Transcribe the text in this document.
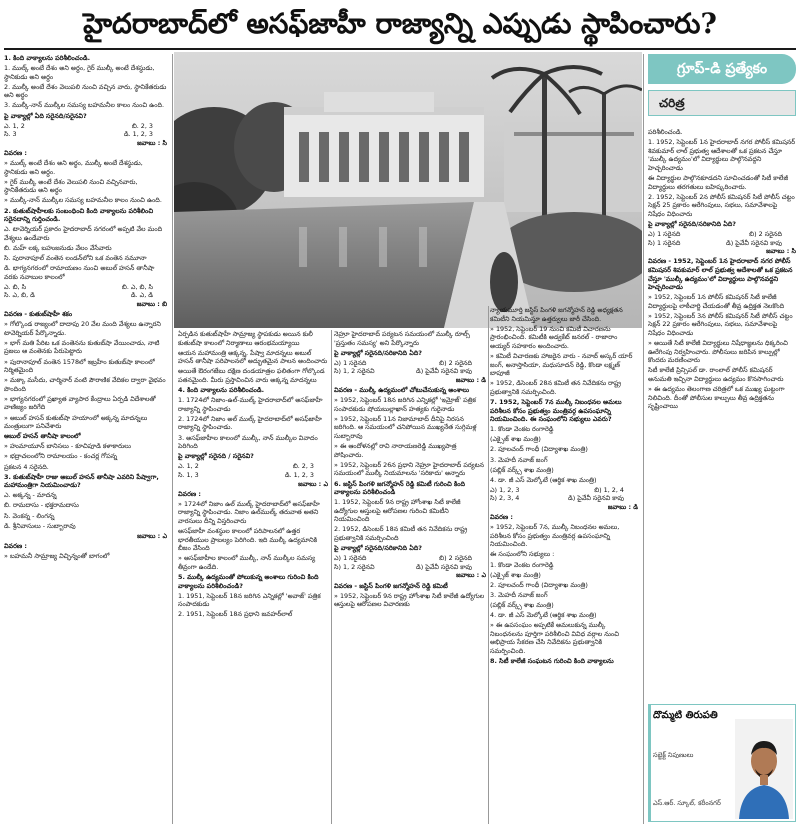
హైదరాబాద్‌లో అసఫ్‌జాహీ రాజ్యాన్ని ఎప్పుడు స్థాపించారు?

1. కింది వాక్యాలను పరిశీలించండి.

1. ముల్క్ అంటే దేశం అని అర్థం, గైర్ ముల్కీ అంటే దేశస్థుడు, స్థానికుడు అని అర్థం

2. ముల్కీ అంటే దేశం వెలుపలి నుంచి వచ్చిన వారు, స్థానికేతరుడు అని అర్థం

3. ముల్కీ-నాన్ ముల్కీల సమస్య బహమనీల కాలం నుంచి ఉంది.

పై వాక్యాల్లో ఏది సరైనది/సరైనవి?

ఎ. 1, 2	బి. 2, 3
సి. 3	డి. 1, 2, 3

జవాబు : సి

వివరణ :

» ముల్క్ అంటే దేశం అని అర్థం, ముల్కీ అంటే దేశస్థుడు, స్థానికుడు అని అర్థం.

» గైర్ ముల్కీ అంటే దేశం వెలుపలి నుంచి వచ్చినవారు, స్థానికేతరుడు అని అర్థం

» ముల్కీ-నాన్ ముల్కీల సమస్య బహమనీల కాలం నుంచి ఉంది.

2. కుతుబ్‌షాహీలకు సంబంధించి కింది వాక్యాలను పరిశీలించి సరైనదాన్ని గుర్తించండి.

ఎ. టావెర్నియర్ ప్రకారం హైదరాబాద్ నగరంలో అప్పటి వేల మంది వేశ్యలు ఉండేవారు

బి. మహ్ లక్క బహుజనుడు వేలం వేసేవారు

సి. పురానాపూల్ వంతెన లండన్‌లోని ఒక వంతెన నమూనా

డి. భాగ్యనగరంలో రామాయణం నుంచి అబుల్ హసన్ తానీషా వరకు నవాబుల కాలంలో

ఎ. బి, సి	బి. ఎ, బి, సి
సి. ఎ, బి, డి	డి. ఎ, డి

జవాబు : బి

వివరణ - కుతుబ్‌షాహీ శకం

» గోల్కొండ రాజ్యంలో దాదాపు 20 వేల మంది వేశ్యలు ఉన్నారని టావెర్నియర్ పేర్కొన్నాడు.

» భాగ్ మతి పేరిట ఒక వంతెనను కుతుబ్‌షా వేయించాడు, నాటి ప్రజలు ఆ వంతెనకు పేరుపెట్టారు

» పురానాపూల్ వంతెన 1578లో ఇబ్రహీం కుతుబ్‌షా కాలంలో నిర్మితమైంది

» మక్కా మసీదు, చార్మినార్ వంటి పౌరాణిక వేదికల ద్వారా వైభవం పొందింది

» భాగ్యనగరంలో ప్రఖ్యాత వ్యాపార కేంద్రాలు ఏర్పడి విదేశాలతో వాణిజ్యం జరిగేది

» అబుల్ హసన్ కుతుబ్‌షా హయాంలో అక్కన్న మాదన్నలు మంత్రులుగా పనిచేశారు

అబుల్ హసన్ తానీషా కాలంలో

» హుమాయూన్ బానిసలు - కూచిపూడి కళాకారులు

» భద్రాచలంలోని రామాలయం - కంచర్ల గోపన్న

ప్రకటన 4 సరైనది.

3. కుతుబ్‌షాహీ రాజు అబుల్ హసన్ తానీషా ఎవరిని పేష్వాగా, మహామంత్రిగా నియమించాడు?

ఎ. అక్కన్న - మాదన్న

బి. రామదాసు - భక్తరామదాసు

సి. వెంకన్న - లింగన్న

డి. శ్రీనివాసులు - సుబ్బారావు

జవాబు : ఎ

వివరణ :

» బహమనీ సామ్రాజ్య విచ్ఛిన్నంతో బాగంలో

ఏర్పడిన కుతుబ్‌షాహీ సామ్రాజ్య స్థాపకుడు అయిన కులీ కుతుబ్‌షా కాలంలో నిర్మాణాలు ఆరంభమయ్యాయి

ఆయన మహామంత్రి అక్కన్న, పేష్వా మాదన్నలు అబుల్ హసన్ తానీషా పరిపాలనలో అద్భుతమైన పాలన అందించారు

అయితే ఔరంగజేబు దక్షిణ దండయాత్రల ఫలితంగా గోల్కొండ పతనమైంది. మీరు ప్రస్తావించిన వారు అక్కన్న మాదన్నలు

4. కింది వాక్యాలను పరిశీలించండి.

1. 1724లో నిజాం-ఉల్-ముల్క్ హైదరాబాద్‌లో అసఫ్‌జాహీ రాజ్యాన్ని స్థాపించాడు

2. 1724లో నిజాం అల్ ముల్క్ హైదరాబాద్‌లో అసఫ్‌జాహీ రాజ్యాన్ని స్థాపించాడు.

3. అసఫ్‌జాహీల కాలంలో ముల్కీ, నాన్ ముల్కీల వివాదం పెరిగింది

పై వాక్యాల్లో సరైనది / సరైనవి?

ఎ. 1, 2	బి. 2, 3
సి. 1, 3	డి. 1, 2, 3

జవాబు : ఎ

వివరణ :

» 1724లో నిజాం ఉల్ ముల్క్ హైదరాబాద్‌లో అసఫ్‌జాహీ రాజ్యాన్ని స్థాపించాడు. నిజాం ఉల్‌ముల్క్ తరువాత అతని వారసులు దీన్ని విస్తరించారు

అసఫ్‌జాహీ వంశస్థుల కాలంలో పరిపాలనలో ఉత్తర భారతీయుల ప్రాబల్యం పెరిగింది. ఇది ముల్కీ ఉద్యమానికి బీజం వేసింది

» అసఫ్‌జాహీల కాలంలో ముల్కీ, నాన్ ముల్కీల సమస్య తీవ్రంగా ఉండేది.

5. ముల్కీ ఉద్యమంతో పోలుకున్న అంశాలు గురించి కింది వాక్యాలను పరిశీలించండి?

1. 1951, సెప్టెంబర్ 18న జరిగిన ఎన్నికల్లో 'అవాజ్' పత్రిక సంపాదకుడు

2. 1951, సెప్టెంబర్ 18న ప్రధాని జవహర్‌లాల్

నెహ్రూ హైదరాబాద్ పర్యటన సమయంలో ముల్కీ రూల్స్ 'ప్రస్తుతం సమస్య' అని పేర్కొన్నారు

పై వాక్యాల్లో సరైనది/సరికానిది ఏది?

ఎ) 1 సరైనది	బి) 2 సరైనది
సి) 1, 2 సరైనవి	డి) పైవేవీ సరైనవి కావు

జవాబు : డి

వివరణ - ముల్కీ ఉద్యమంలో చోటుచేసుకున్న అంశాలు

» 1952, సెప్టెంబర్ 18న జరిగిన ఎన్నికల్లో 'ఇమ్రోజ్' పత్రిక సంపాదకుడు షోయబుల్లాఖాన్ హత్యకు గురైనాడు

» 1952, సెప్టెంబర్ 11న నిజామాబాద్ దీనిపై నిరసన జరిగింది. ఆ సమయంలో చనిపోయిన ముఖ్యనేత సుగ్గిమళ్ల సుబ్బారావు

» ఈ ఆందోళనల్లో రావి నారాయణరెడ్డి ముఖ్యపాత్ర పోషించారు.

» 1952, సెప్టెంబర్ 26న ప్రధాని నెహ్రూ హైదరాబాద్ పర్యటన సమయంలో ముల్కీ నియమాలను 'సరికాదు' అన్నారు

6. జస్టిస్ పింగళి జగన్మోహన్ రెడ్డి కమిటీ గురించి కింది వాక్యాలను పరిశీలించండి

1. 1952, సెప్టెంబర్ 9న రాష్ట్ర హోంశాఖ సిటీ కాలేజీ ఉద్యోగుల ఆస్తులపై ఆరోపణల గురించి కమిటీని నియమించింది

2. 1952, డిసెంబర్ 18న కమిటీ తన నివేదికను రాష్ట్ర ప్రభుత్వానికి సమర్పించింది

పై వాక్యాల్లో సరైనది/సరికానిది ఏది?

ఎ) 1 సరైనది	బి) 2 సరైనది
సి) 1, 2 సరైనవి	డి) పైవేవీ సరైనవి కావు

జవాబు : ఎ

వివరణ - జస్టిస్ పింగళి జగన్మోహన్ రెడ్డి కమిటీ

» 1952, సెప్టెంబర్ 9న రాష్ట్ర హోంశాఖ సిటీ కాలేజీ ఉద్యోగుల ఆస్తులపై ఆరోపణల విచారణకు

న్యాయమూర్తి జస్టిస్ పింగళి జగన్మోహన్ రెడ్డి అధ్యక్షతన కమిటీని నియమిస్తూ ఉత్తర్వులు జారీ చేసింది.

» 1952, సెప్టెంబర్ 19 నుంచి కమిటీ విచారణను ప్రారంభించింది. కమిటీకి అడ్వకేట్ జనరల్ - రాజారాం అయ్యర్ సహకారం అందించారు.

» కమిటీ విచారణకు హాజరైన వారు - నవాబ్ అస్కర్ యార్ జంగ్, అనాస్తాసియా, మధుసూదన్ రెడ్డి, కొండా లక్ష్మణ్ బాపూజీ

» 1952, డిసెంబర్ 28న కమిటీ తన నివేదికను రాష్ట్ర ప్రభుత్వానికి సమర్పించింది.

7. 1952, సెప్టెంబర్ 7న ముల్కీ నిబంధనల అమలు పరిశీలన కోసం ప్రభుత్వం మంత్రివర్గ ఉపసంఘాన్ని నియమించింది. ఈ సంఘంలోని సభ్యులు ఎవరు?

1. కొండా వెంకట రంగారెడ్డి

(ఎక్సైజ్ శాఖ మంత్రి)

2. పూలచంద్ గాంధీ (విద్యాశాఖ మంత్రి)

3. మెహదీ నవాజ్ జంగ్

(పబ్లిక్ వర్క్స్ శాఖ మంత్రి)

4. డా. జీ ఎస్ మెల్కోటే (ఆర్థిక శాఖ మంత్రి)

ఎ) 1, 2, 3	బి) 1, 2, 4
సి) 2, 3, 4	డి) పైవేవీ సరైనవి కావు

జవాబు : డి

వివరణ :

» 1952, సెప్టెంబర్ 7న, ముల్కీ నిబంధనల అమలు, పరిశీలన కోసం ప్రభుత్వం మంత్రివర్గ ఉపసంఘాన్ని నియమించింది.

ఈ సంఘంలోని సభ్యులు :

1. కొండా వెంకట రంగారెడ్డి

(ఎక్సైజ్ శాఖ మంత్రి)

2. పూలచంద్ గాంధీ (విద్యాశాఖ మంత్రి)

3. మెహదీ నవాజ్ జంగ్

(పబ్లిక్ వర్క్స్ శాఖ మంత్రి)

4. డా. జీ ఎస్ మెల్కోటే (ఆర్థిక శాఖ మంత్రి)

» ఈ ఉపసంఘం అప్పటికే అమలుకున్న ముల్కీ నిబంధనలను పూర్తిగా పరిశీలించి వివిధ వర్గాల నుంచి అభిప్రాయ సేకరణ చేసి నివేదికను ప్రభుత్వానికి సమర్పించింది.

8. సిటీ కాలేజీ సంఘటన గురించి కింది వాక్యాలను

గ్రూప్-డి ప్రత్యేకం
చరిత్ర

పరిశీలించండి.

1. 1952, సెప్టెంబర్ 1న హైదరాబాద్ నగర పోలీస్ కమిషనర్ శివకుమార్ లాల్ ప్రభుత్వ ఆదేశాలతో ఒక ప్రకటన చేస్తూ 'ముల్కీ ఉద్యమం'లో విద్యార్థులు పాల్గొనవద్దని హెచ్చరించాడు

ఈ విద్యార్థుల పాల్గొనకూడదని సూచించడంతో సిటీ కాలేజీ విద్యార్థులు తరగతులు బహిష్కరించారు.

2. 1952, సెప్టెంబర్ 2న పోలీస్ కమిషనర్ సిటీ పోలీస్ చట్టం సెక్షన్ 25 ప్రకారం ఆరేగింపులు, సభలు, సమావేశాలపై నిషేధం విధించారు

పై వాక్యాల్లో సరైనది/సరికానిది ఏది?

ఎ) 1 సరైనది	బి) 2 సరైనది
సి) 1 సరైనది	డి) పైవేవీ సరైనవి కావు

జవాబు : సి

వివరణ - 1952, సెప్టెంబర్ 1న హైదరాబాద్ నగర పోలీస్ కమిషనర్ శివకుమార్ లాల్ ప్రభుత్వ ఆదేశాలతో ఒక ప్రకటన చేస్తూ 'ముల్కీ ఉద్యమం'లో విద్యార్థులు పాల్గొనవద్దని హెచ్చరించాడు

» 1952, సెప్టెంబర్ 1న పోలీస్ కమిషనర్ సిటీ కాలేజీ విద్యార్థులపై లాఠీచార్జి చేయడంతో తీవ్ర ఉద్రిక్తత నెలకొంది

» 1952, సెప్టెంబర్ 3న పోలీస్ కమిషనర్ సిటీ పోలీస్ చట్టం సెక్షన్ 22 ప్రకారం ఆరేగింపులు, సభలు, సమావేశాలపై నిషేధం విధించాడు

» అయితే సిటీ కాలేజీ విద్యార్థులు నిషేధాజ్ఞలను ధిక్కరించి ఊరేగింపు నిర్వహించారు. పోలీసులు జరిపిన కాల్పుల్లో కొందరు మరణించారు

సిటీ కాలేజీ ప్రిన్సిపల్ డా. రాంలాల్ పోలీస్ కమిషనర్ అనుమతి ఇచ్చినా విద్యార్థులు ఉద్యమం కొనసాగించారు

» ఈ ఉద్యమం తెలంగాణ చరిత్రలో ఒక ముఖ్య ఘట్టంగా నిలిచింది. దీంతో పోలీసుల కాల్పులు తీవ్ర ఉద్రిక్తతను సృష్టించాయి

దొమ్మటి తిరుపతి
సబ్జెక్ట్ నిపుణులు
ఎస్.ఆర్. స్కూల్, కరీంనగర్
